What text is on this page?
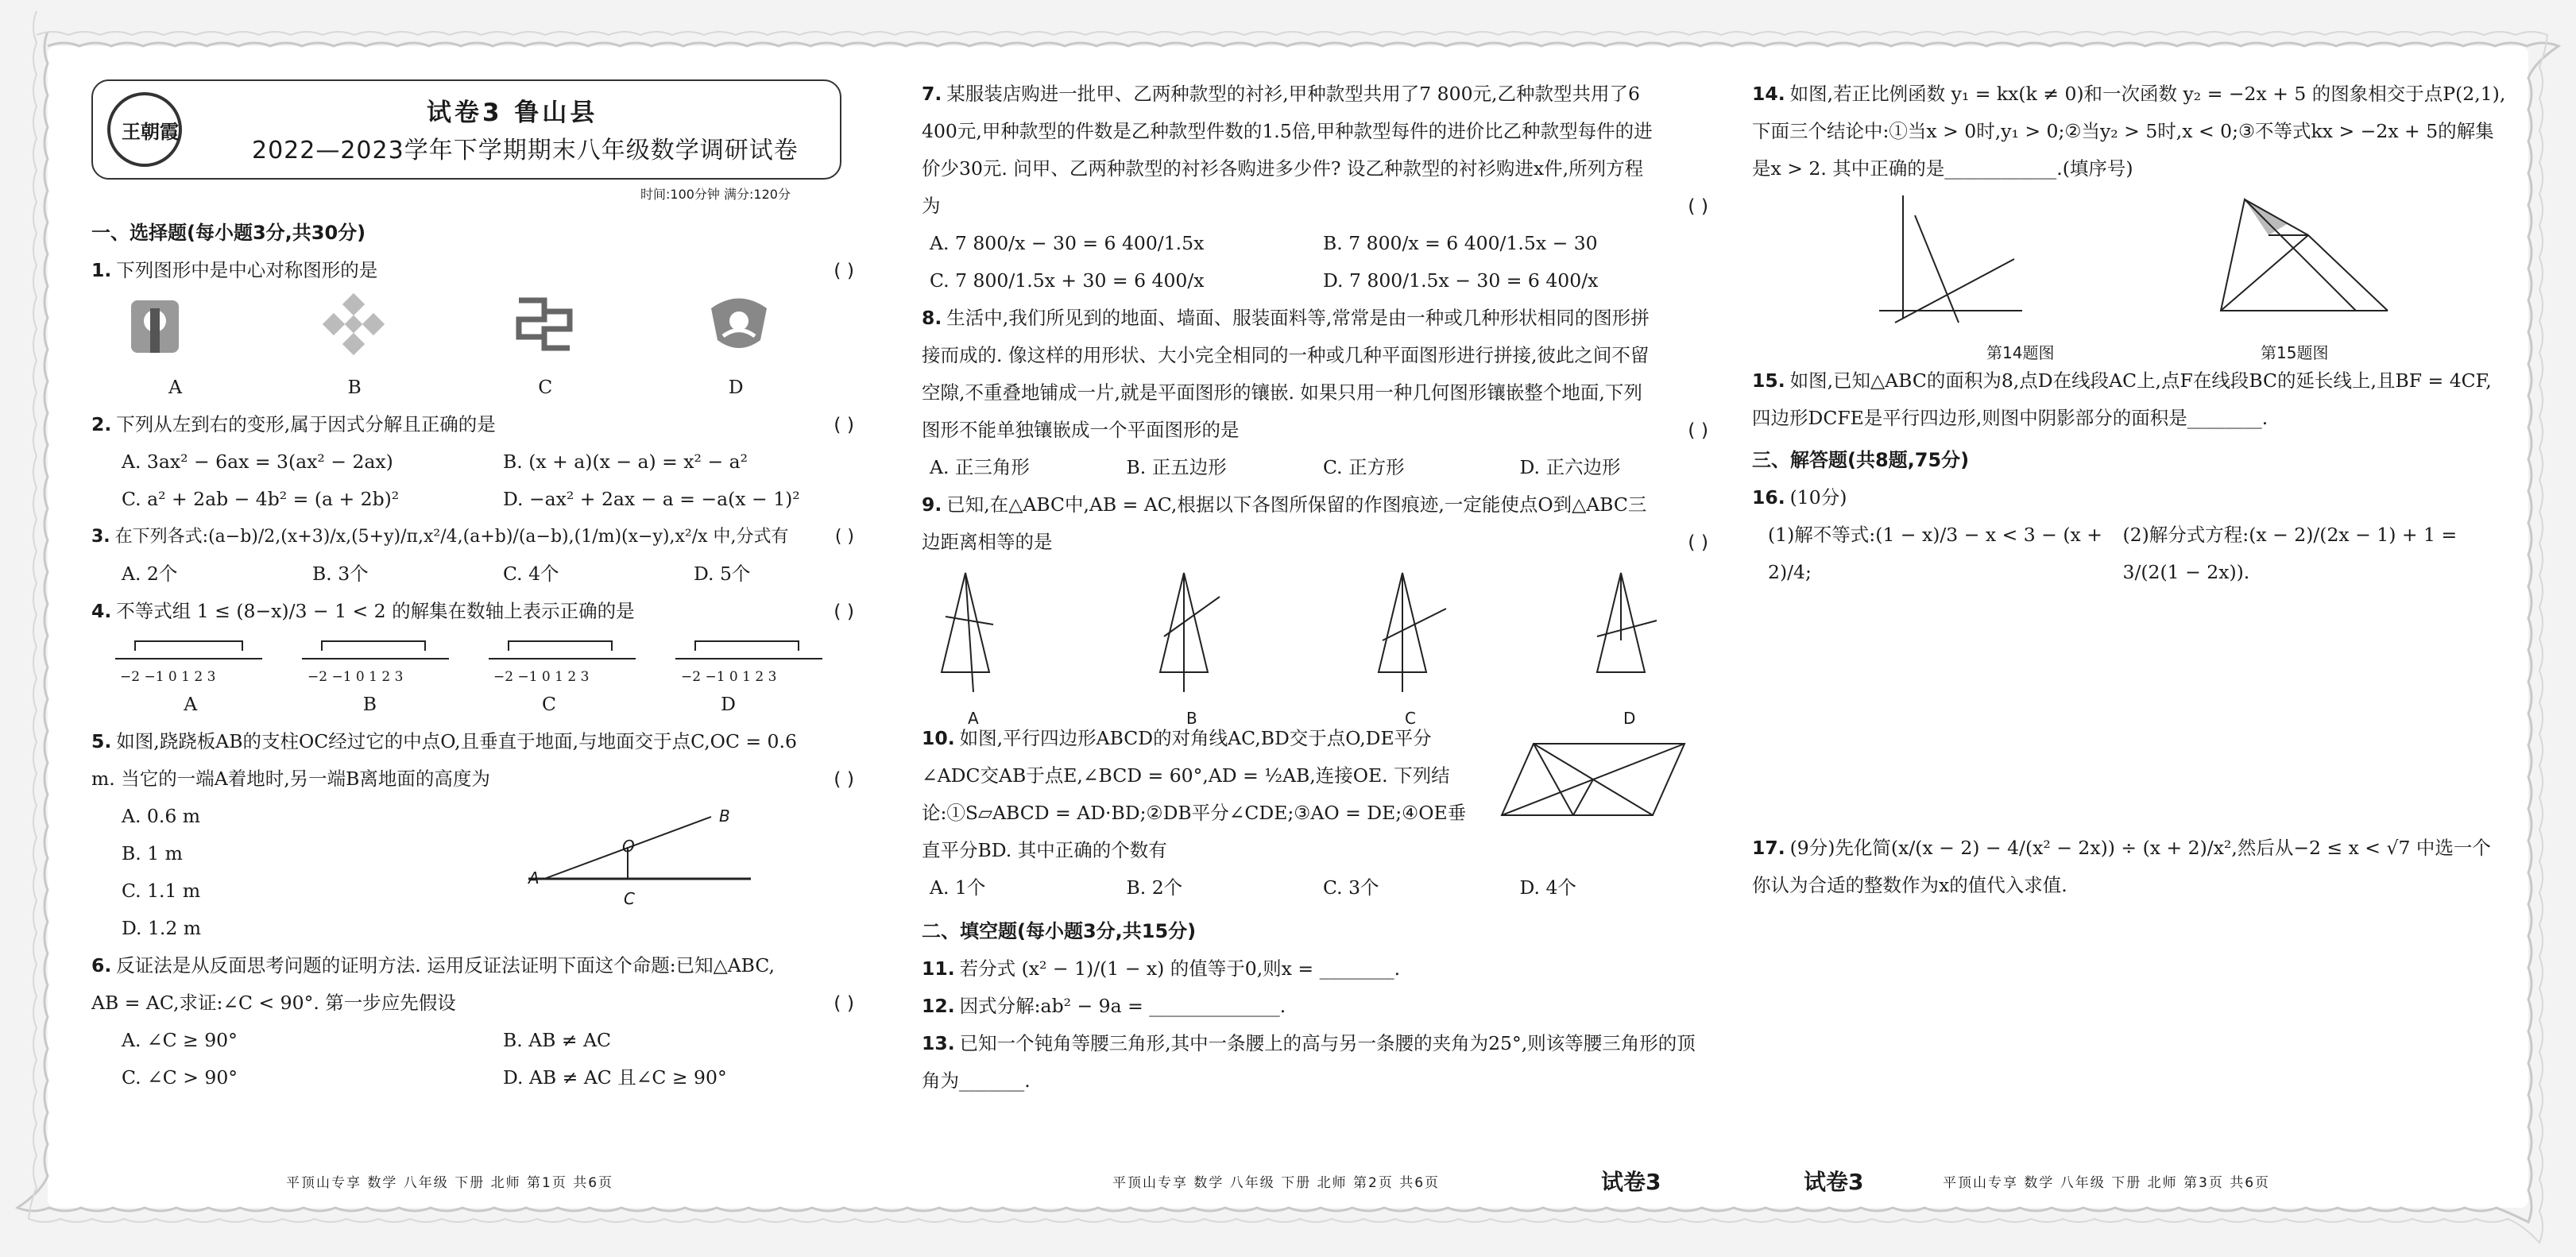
王朝霞
试卷3 鲁山县
2022—2023学年下学期期末八年级数学调研试卷
时间:100分钟 满分:120分
一、选择题(每小题3分,共30分)
1. 下列图形中是中心对称图形的是	( )
A	B	C	D
2. 下列从左到右的变形,属于因式分解且正确的是	( )
A. 3ax² − 6ax = 3(ax² − 2ax)	B. (x + a)(x − a) = x² − a²
C. a² + 2ab − 4b² = (a + 2b)²	D. −ax² + 2ax − a = −a(x − 1)²
3. 在下列各式:(a−b)/2,(x+3)/x,(5+y)/π,x²/4,(a+b)/(a−b),(1/m)(x−y),x²/x 中,分式有	( )
A. 2个	B. 3个	C. 4个	D. 5个
4. 不等式组 1 ≤ (8−x)/3 − 1 < 2 的解集在数轴上表示正确的是	( )
−2 −1 0 1 2 3	−2 −1 0 1 2 3	−2 −1 0 1 2 3	−2 −1 0 1 2 3
A	B	C	D
5. 如图,跷跷板AB的支柱OC经过它的中点O,且垂直于地面,与地面交于点C,OC = 0.6 m. 当它的一端A着地时,另一端B离地面的高度为	( )
A. 0.6 m
B. 1 m
C. 1.1 m
D. 1.2 m
A
O
B
C
6. 反证法是从反面思考问题的证明方法. 运用反证法证明下面这个命题:已知△ABC, AB = AC,求证:∠C < 90°. 第一步应先假设	( )
A. ∠C ≥ 90°	B. AB ≠ AC
C. ∠C > 90°	D. AB ≠ AC 且∠C ≥ 90°
平顶山专享 数学 八年级 下册 北师 第1页 共6页
7. 某服装店购进一批甲、乙两种款型的衬衫,甲种款型共用了7 800元,乙种款型共用了6 400元,甲种款型的件数是乙种款型件数的1.5倍,甲种款型每件的进价比乙种款型每件的进价少30元. 问甲、乙两种款型的衬衫各购进多少件? 设乙种款型的衬衫购进x件,所列方程为	( )
A. 7 800/x − 30 = 6 400/1.5x	B. 7 800/x = 6 400/1.5x − 30
C. 7 800/1.5x + 30 = 6 400/x	D. 7 800/1.5x − 30 = 6 400/x
8. 生活中,我们所见到的地面、墙面、服装面料等,常常是由一种或几种形状相同的图形拼接而成的. 像这样的用形状、大小完全相同的一种或几种平面图形进行拼接,彼此之间不留空隙,不重叠地铺成一片,就是平面图形的镶嵌. 如果只用一种几何图形镶嵌整个地面,下列图形不能单独镶嵌成一个平面图形的是	( )
A. 正三角形	B. 正五边形	C. 正方形	D. 正六边形
9. 已知,在△ABC中,AB = AC,根据以下各图所保留的作图痕迹,一定能使点O到△ABC三边距离相等的是	( )
A	B	C	D
10. 如图,平行四边形ABCD的对角线AC,BD交于点O,DE平分∠ADC交AB于点E,∠BCD = 60°,AD = ½AB,连接OE. 下列结论:①S▱ABCD = AD·BD;②DB平分∠CDE;③AO = DE;④OE垂直平分BD. 其中正确的个数有
A. 1个	B. 2个	C. 3个	D. 4个
二、填空题(每小题3分,共15分)
11. 若分式 (x² − 1)/(1 − x) 的值等于0,则x = ________.
12. 因式分解:ab² − 9a = ______________.
13. 已知一个钝角等腰三角形,其中一条腰上的高与另一条腰的夹角为25°,则该等腰三角形的顶角为_______.
平顶山专享 数学 八年级 下册 北师 第2页 共6页	试卷3
14. 如图,若正比例函数 y₁ = kx(k ≠ 0)和一次函数 y₂ = −2x + 5 的图象相交于点P(2,1),下面三个结论中:①当x > 0时,y₁ > 0;②当y₂ > 5时,x < 0;③不等式kx > −2x + 5的解集是x > 2. 其中正确的是____________.(填序号)
第14题图	第15题图
15. 如图,已知△ABC的面积为8,点D在线段AC上,点F在线段BC的延长线上,且BF = 4CF,四边形DCFE是平行四边形,则图中阴影部分的面积是________.
三、解答题(共8题,75分)
16. (10分)
(1)解不等式:(1 − x)/3 − x < 3 − (x + 2)/4;
(2)解分式方程:(x − 2)/(2x − 1) + 1 = 3/(2(1 − 2x)).
17. (9分)先化简(x/(x − 2) − 4/(x² − 2x)) ÷ (x + 2)/x²,然后从−2 ≤ x < √7 中选一个你认为合适的整数作为x的值代入求值.
试卷3	平顶山专享 数学 八年级 下册 北师 第3页 共6页
